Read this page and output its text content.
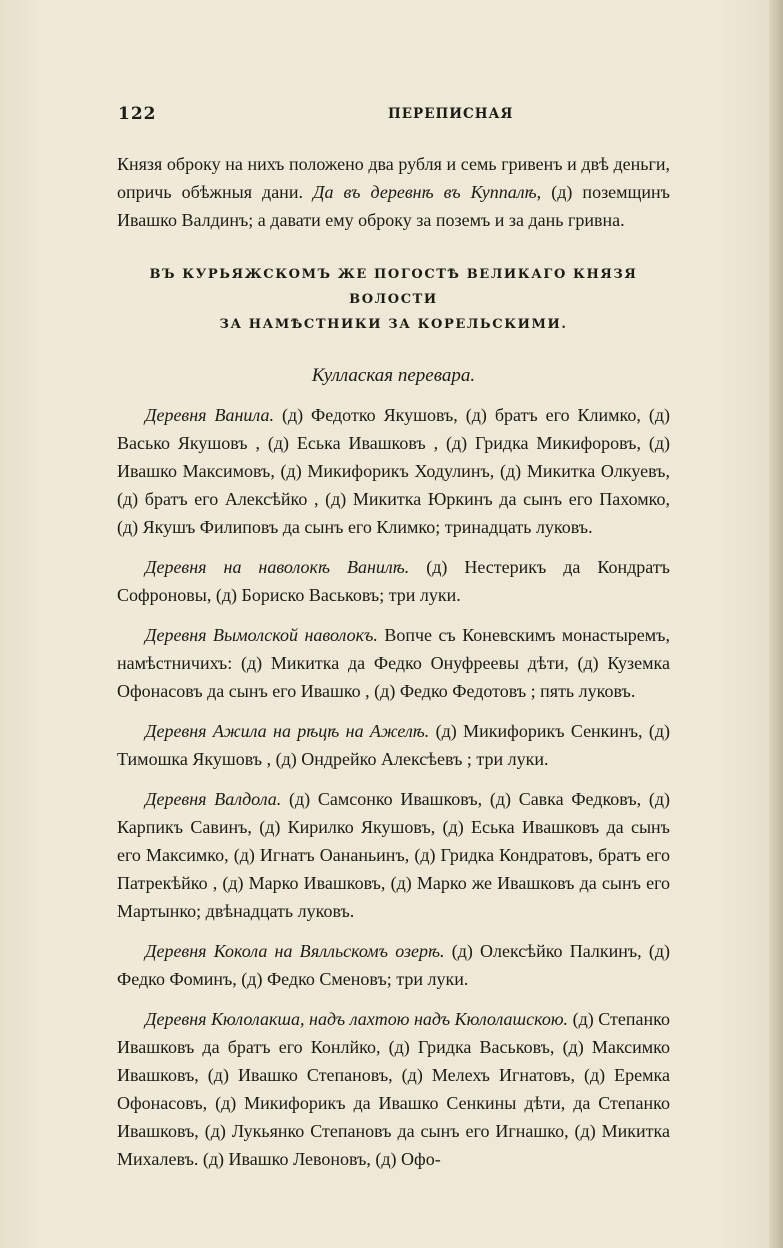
122	ПЕРЕПИСНАЯ

Князя оброку на нихъ положено два рубля и семь гривенъ и двѣ деньги, опричь обѣжныя дани. Да въ деревнѣ въ Куппалѣ, (д) поземщинъ Ивашко Валдинъ; а давати ему оброку за поземъ и за дань гривна.

ВЪ КУРЬЯЖСКОМЪ ЖЕ ПОГОСТѢ ВЕЛИКАГО КНЯЗЯ ВОЛОСТИ

ЗА НАМѢСТНИКИ ЗА КОРЕЛЬСКИМИ.

Куллаская перевара.

Деревня Ванила. (д) Федотко Якушовъ, (д) братъ его Климко, (д) Васько Якушовъ , (д) Еська Ивашковъ , (д) Гридка Микифоровъ, (д) Ивашко Максимовъ, (д) Микифорикъ Ходулинъ, (д) Микитка Олкуевъ, (д) братъ его Алексѣйко , (д) Микитка Юркинъ да сынъ его Пахомко, (д) Якушъ Филиповъ да сынъ его Климко; тринадцать луковъ.

Деревня на наволокѣ Ванилѣ. (д) Нестерикъ да Кондратъ Софроновы, (д) Бориско Васьковъ; три луки.

Деревня Вымолской наволокъ. Вопче съ Коневскимъ монастыремъ, намѣстничихъ: (д) Микитка да Федко Онуфреевы дѣти, (д) Куземка Офонасовъ да сынъ его Ивашко , (д) Федко Федотовъ ; пять луковъ.

Деревня Ажила на рѣцѣ на Ажелѣ. (д) Микифорикъ Сенкинъ, (д) Тимошка Якушовъ , (д) Ондрейко Алексѣевъ ; три луки.

Деревня Валдола. (д) Самсонко Ивашковъ, (д) Савка Федковъ, (д) Карпикъ Савинъ, (д) Кирилко Якушовъ, (д) Еська Ивашковъ да сынъ его Максимко, (д) Игнатъ Оананьинъ, (д) Гридка Кондратовъ, братъ его Патрекѣйко , (д) Марко Ивашковъ, (д) Марко же Ивашковъ да сынъ его Мартынко; двѣнадцать луковъ.

Деревня Кокола на Вялльскомъ озерѣ. (д) Олексѣйко Палкинъ, (д) Федко Фоминъ, (д) Федко Сменовъ; три луки.

Деревня Кюлолакша, надъ лахтою надъ Кюлолашскою. (д) Степанко Ивашковъ да братъ его Конлйко, (д) Гридка Васьковъ, (д) Максимко Ивашковъ, (д) Ивашко Степановъ, (д) Мелехъ Игнатовъ, (д) Еремка Офонасовъ, (д) Микифорикъ да Ивашко Сенкины дѣти, да Степанко Ивашковъ, (д) Лукьянко Степановъ да сынъ его Игнашко, (д) Микитка Михалевъ. (д) Ивашко Левоновъ, (д) Офо-
